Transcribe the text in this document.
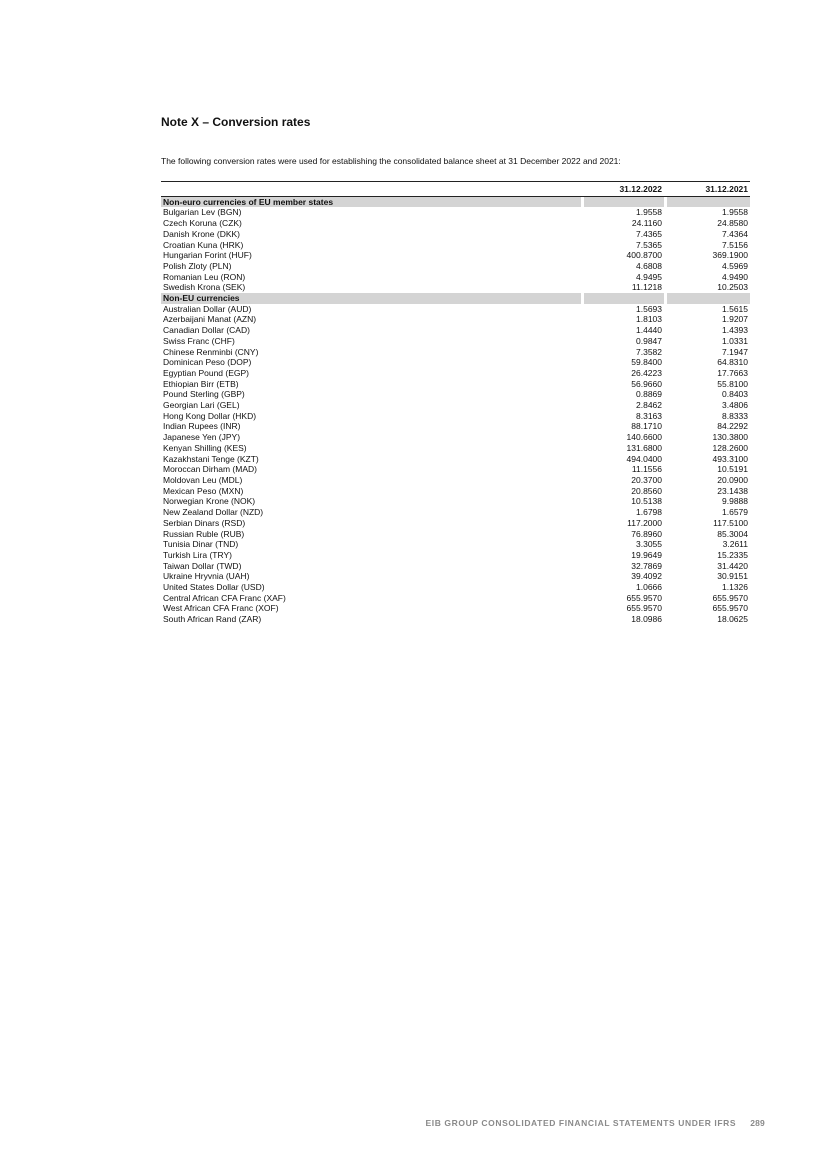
Note X – Conversion rates

The following conversion rates were used for establishing the consolidated balance sheet at 31 December 2022 and 2021:

		31.12.2022		31.12.2021
Non-euro currencies of EU member states				
Bulgarian Lev (BGN)		1.9558		1.9558
Czech Koruna (CZK)		24.1160		24.8580
Danish Krone (DKK)		7.4365		7.4364
Croatian Kuna (HRK)		7.5365		7.5156
Hungarian Forint (HUF)		400.8700		369.1900
Polish Zloty (PLN)		4.6808		4.5969
Romanian Leu (RON)		4.9495		4.9490
Swedish Krona (SEK)		11.1218		10.2503
Non-EU currencies				
Australian Dollar (AUD)		1.5693		1.5615
Azerbaijani Manat (AZN)		1.8103		1.9207
Canadian Dollar (CAD)		1.4440		1.4393
Swiss Franc (CHF)		0.9847		1.0331
Chinese Renminbi (CNY)		7.3582		7.1947
Dominican Peso (DOP)		59.8400		64.8310
Egyptian Pound (EGP)		26.4223		17.7663
Ethiopian Birr (ETB)		56.9660		55.8100
Pound Sterling (GBP)		0.8869		0.8403
Georgian Lari (GEL)		2.8462		3.4806
Hong Kong Dollar (HKD)		8.3163		8.8333
Indian Rupees (INR)		88.1710		84.2292
Japanese Yen (JPY)		140.6600		130.3800
Kenyan Shilling (KES)		131.6800		128.2600
Kazakhstani Tenge (KZT)		494.0400		493.3100
Moroccan Dirham (MAD)		11.1556		10.5191
Moldovan Leu (MDL)		20.3700		20.0900
Mexican Peso (MXN)		20.8560		23.1438
Norwegian Krone (NOK)		10.5138		9.9888
New Zealand Dollar (NZD)		1.6798		1.6579
Serbian Dinars (RSD)		117.2000		117.5100
Russian Ruble (RUB)		76.8960		85.3004
Tunisia Dinar (TND)		3.3055		3.2611
Turkish Lira (TRY)		19.9649		15.2335
Taiwan Dollar (TWD)		32.7869		31.4420
Ukraine Hryvnia (UAH)		39.4092		30.9151
United States Dollar (USD)		1.0666		1.1326
Central African CFA Franc (XAF)		655.9570		655.9570
West African CFA Franc (XOF)		655.9570		655.9570
South African Rand (ZAR)		18.0986		18.0625
EIB GROUP CONSOLIDATED FINANCIAL STATEMENTS UNDER IFRS 289
